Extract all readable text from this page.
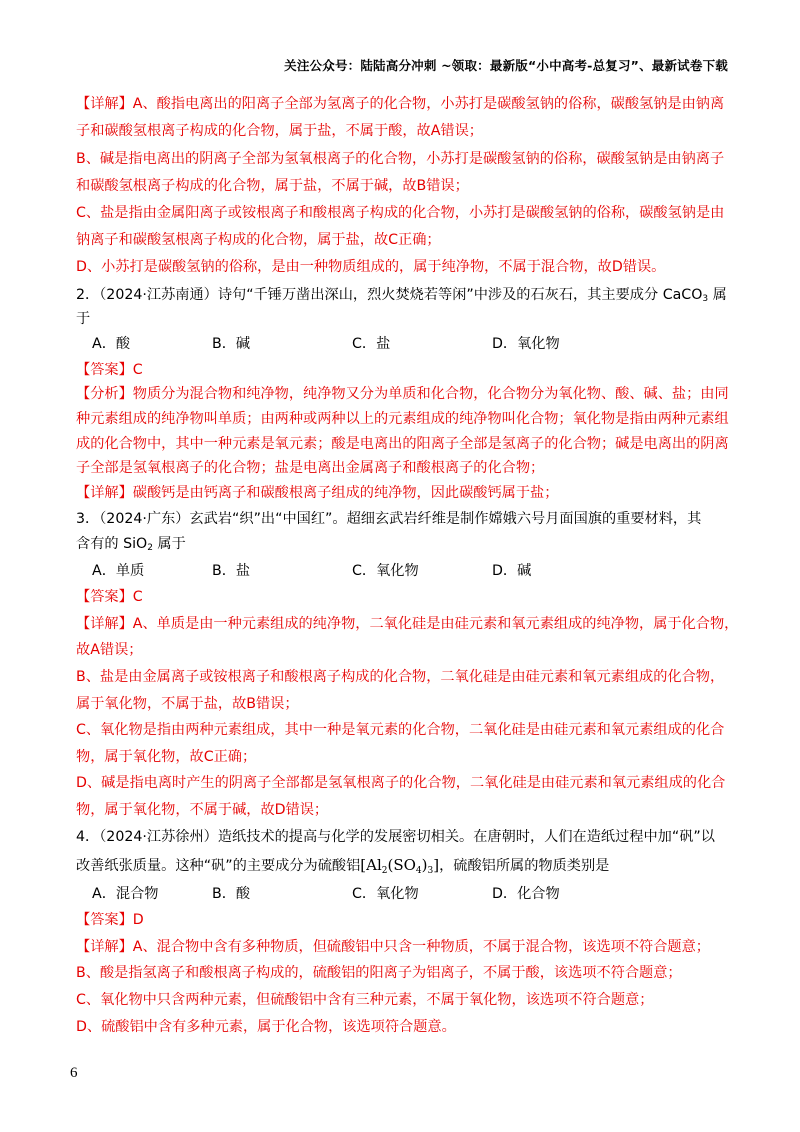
关注公众号：陆陆高分冲刺 ~领取：最新版“小中高考-总复习”、最新试卷下载
【详解】A、酸指电离出的阳离子全部为氢离子的化合物，小苏打是碳酸氢钠的俗称，碳酸氢钠是由钠离
子和碳酸氢根离子构成的化合物，属于盐，不属于酸，故A错误；
B、碱是指电离出的阴离子全部为氢氧根离子的化合物，小苏打是碳酸氢钠的俗称，碳酸氢钠是由钠离子
和碳酸氢根离子构成的化合物，属于盐，不属于碱，故B错误；
C、盐是指由金属阳离子或铵根离子和酸根离子构成的化合物，小苏打是碳酸氢钠的俗称，碳酸氢钠是由
钠离子和碳酸氢根离子构成的化合物，属于盐，故C正确；
D、小苏打是碳酸氢钠的俗称，是由一种物质组成的，属于纯净物，不属于混合物，故D错误。
2．（2024·江苏南通）诗句“千锤万凿出深山，烈火焚烧若等闲”中涉及的石灰石，其主要成分 CaCO$_3$ 属
于
A．酸	B．碱	C．盐	D．氧化物
【答案】C
【分析】物质分为混合物和纯净物，纯净物又分为单质和化合物，化合物分为氧化物、酸、碱、盐；由同
种元素组成的纯净物叫单质；由两种或两种以上的元素组成的纯净物叫化合物；氧化物是指由两种元素组
成的化合物中，其中一种元素是氧元素；酸是电离出的阳离子全部是氢离子的化合物；碱是电离出的阴离
子全部是氢氧根离子的化合物；盐是电离出金属离子和酸根离子的化合物；
【详解】碳酸钙是由钙离子和碳酸根离子组成的纯净物，因此碳酸钙属于盐；
3．（2024·广东）玄武岩“织”出“中国红”。超细玄武岩纤维是制作嫦娥六号月面国旗的重要材料，其
含有的 SiO$_2$ 属于
A．单质	B．盐	C．氧化物	D．碱
【答案】C
【详解】A、单质是由一种元素组成的纯净物，二氧化硅是由硅元素和氧元素组成的纯净物，属于化合物，
故A错误；
B、盐是由金属离子或铵根离子和酸根离子构成的化合物，二氧化硅是由硅元素和氧元素组成的化合物，
属于氧化物，不属于盐，故B错误；
C、氧化物是指由两种元素组成，其中一种是氧元素的化合物，二氧化硅是由硅元素和氧元素组成的化合
物，属于氧化物，故C正确；
D、碱是指电离时产生的阴离子全部都是氢氧根离子的化合物，二氧化硅是由硅元素和氧元素组成的化合
物，属于氧化物，不属于碱，故D错误；
4．（2024·江苏徐州）造纸技术的提高与化学的发展密切相关。在唐朝时，人们在造纸过程中加“矾”以
改善纸张质量。这种“矾”的主要成分为硫酸铝$[Al_2(SO_4)_3]$，硫酸铝所属的物质类别是
A．混合物	B．酸	C．氧化物	D．化合物
【答案】D
【详解】A、混合物中含有多种物质，但硫酸铝中只含一种物质，不属于混合物，该选项不符合题意；
B、酸是指氢离子和酸根离子构成的，硫酸铝的阳离子为铝离子，不属于酸，该选项不符合题意；
C、氧化物中只含两种元素，但硫酸铝中含有三种元素，不属于氧化物，该选项不符合题意；
D、硫酸铝中含有多种元素，属于化合物，该选项符合题意。
6
